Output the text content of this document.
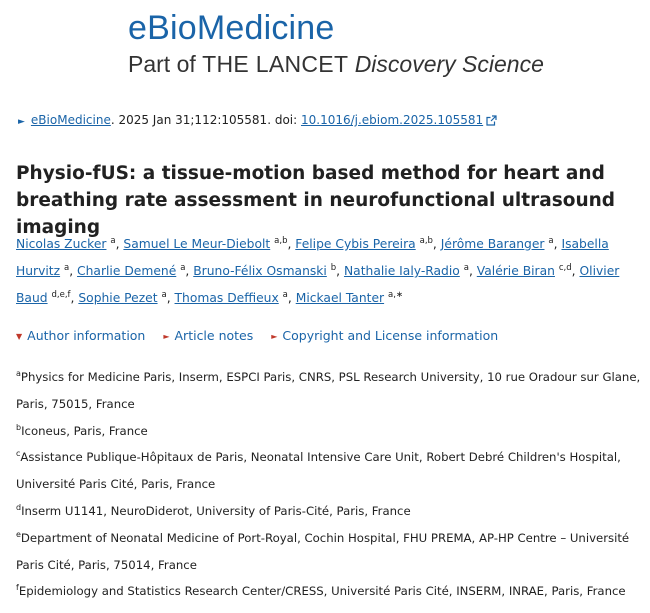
eBioMedicine
Part of THE LANCET Discovery Science
► eBioMedicine. 2025 Jan 31;112:105581. doi: 10.1016/j.ebiom.2025.105581
Physio-fUS: a tissue-motion based method for heart and breathing rate assessment in neurofunctional ultrasound imaging
Nicolas Zucker $^a$, Samuel Le Meur-Diebolt $^{a,b}$, Felipe Cybis Pereira $^{a,b}$, Jérôme Baranger $^a$, Isabella Hurvitz $^a$, Charlie Demené $^a$, Bruno-Félix Osmanski $^b$, Nathalie Ialy-Radio $^a$, Valérie Biran $^{c,d}$, Olivier Baud $^{d,e,f}$, Sophie Pezet $^a$, Thomas Deffieux $^a$, Mickael Tanter $^{a,∗}$
▼ Author information ► Article notes ► Copyright and License information
$^a$Physics for Medicine Paris, Inserm, ESPCI Paris, CNRS, PSL Research University, 10 rue Oradour sur Glane, Paris, 75015, France
$^b$Iconeus, Paris, France
$^c$Assistance Publique-Hôpitaux de Paris, Neonatal Intensive Care Unit, Robert Debré Children's Hospital, Université Paris Cité, Paris, France
$^d$Inserm U1141, NeuroDiderot, University of Paris-Cité, Paris, France
$^e$Department of Neonatal Medicine of Port-Royal, Cochin Hospital, FHU PREMA, AP-HP Centre – Université Paris Cité, Paris, 75014, France
$^f$Epidemiology and Statistics Research Center/CRESS, Université Paris Cité, INSERM, INRAE, Paris, France
